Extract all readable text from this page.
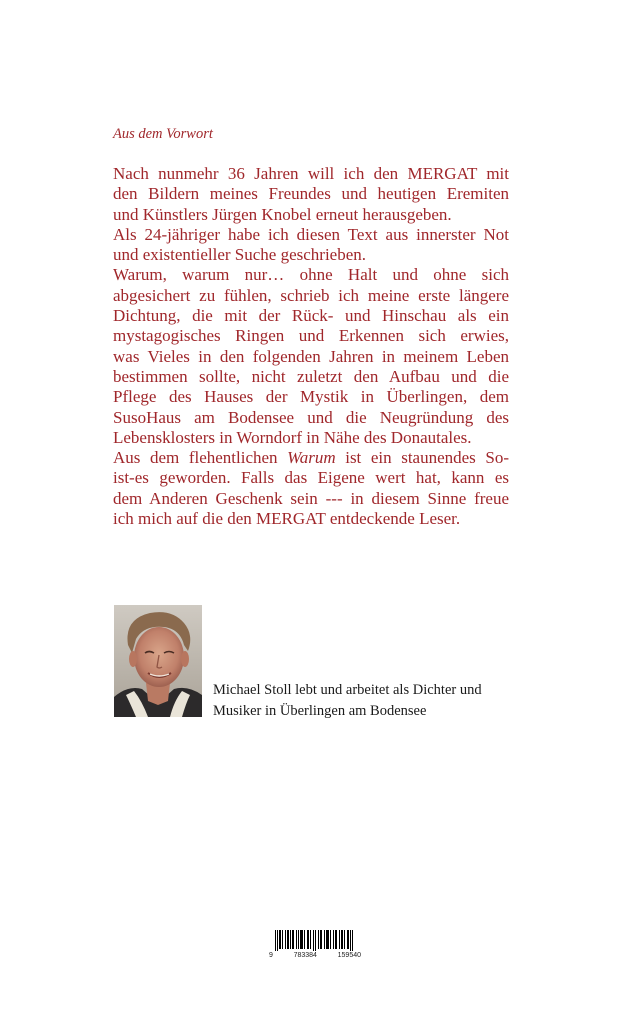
Aus dem Vorwort
Nach nunmehr 36 Jahren will ich den MERGAT mit
den Bildern meines Freundes und heutigen Eremiten
und Künstlers Jürgen Knobel erneut herausgeben.
Als 24-jähriger habe ich diesen Text aus innerster Not
und existentieller Suche geschrieben.
Warum, warum nur… ohne Halt und ohne sich
abgesichert zu fühlen, schrieb ich meine erste längere
Dichtung, die mit der Rück- und Hinschau als ein
mystagogisches Ringen und Erkennen sich erwies,
was Vieles in den folgenden Jahren in meinem Leben
bestimmen sollte, nicht zuletzt den Aufbau und die
Pflege des Hauses der Mystik in Überlingen, dem
SusoHaus am Bodensee und die Neugründung des
Lebensklosters in Worndorf in Nähe des Donautales.
Aus dem flehentlichen Warum ist ein staunendes So-
ist-es geworden. Falls das Eigene wert hat, kann es
dem Anderen Geschenk sein --- in diesem Sinne freue
ich mich auf die den MERGAT entdeckende Leser.
Michael Stoll lebt und arbeitet als Dichter und
Musiker in Überlingen am Bodensee
9	783384	159540
